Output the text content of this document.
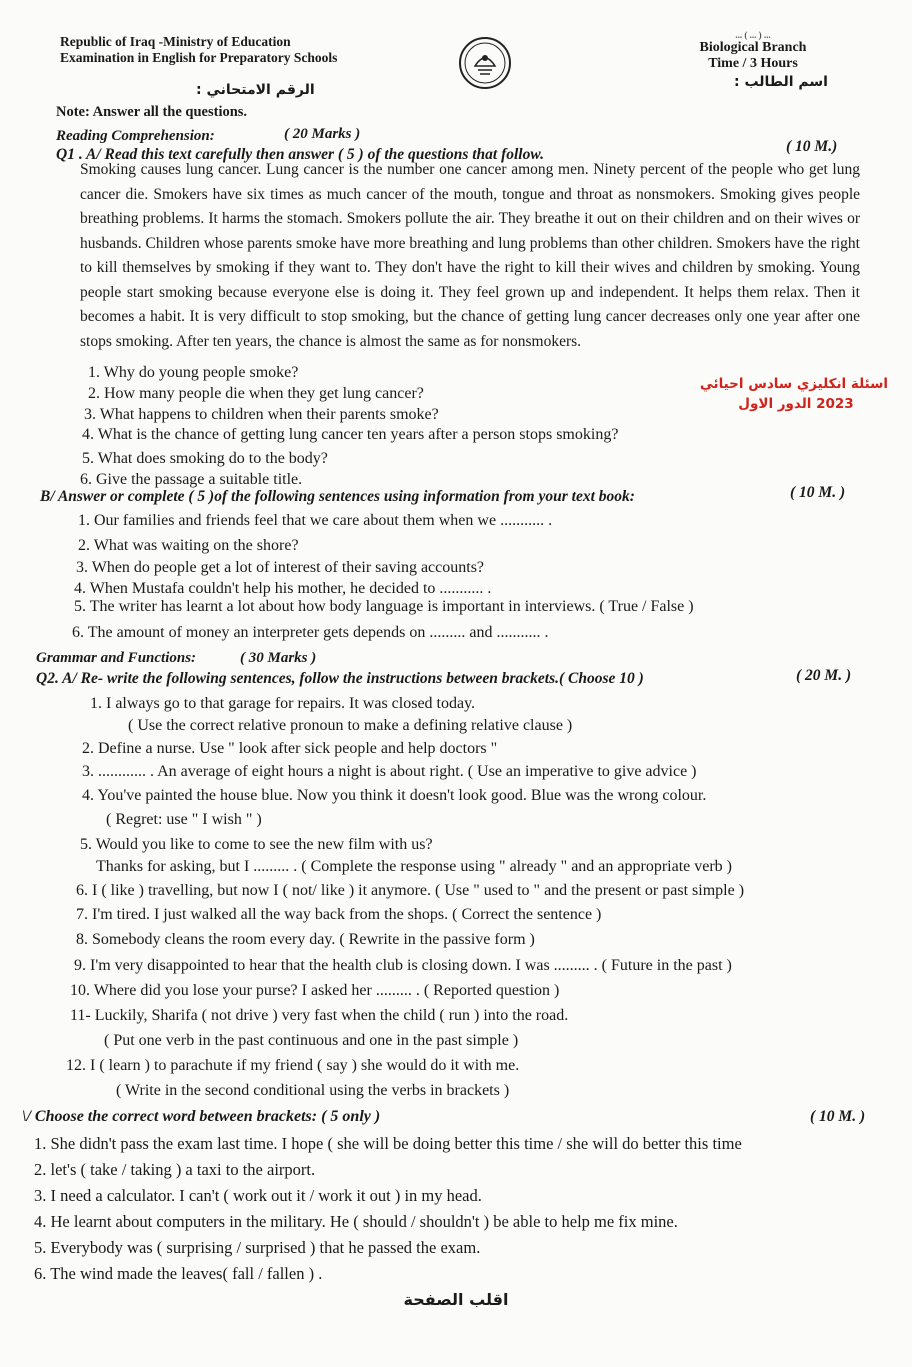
Republic of Iraq -Ministry of Education
Examination in English for Preparatory Schools
... ( ... ) ...
Biological Branch
Time / 3 Hours
اسم الطالب :
الرقم الامتحاني :
Note: Answer all the questions.
Reading Comprehension:	( 20 Marks )
Q1 . A/ Read this text carefully then answer ( 5 ) of the questions that follow.	( 10 M.)
Smoking causes lung cancer. Lung cancer is the number one cancer among men. Ninety percent of the people who get lung cancer die. Smokers have six times as much cancer of the mouth, tongue and throat as nonsmokers. Smoking gives people breathing problems. It harms the stomach. Smokers pollute the air. They breathe it out on their children and on their wives or husbands. Children whose parents smoke have more breathing and lung problems than other children. Smokers have the right to kill themselves by smoking if they want to. They don't have the right to kill their wives and children by smoking. Young people start smoking because everyone else is doing it. They feel grown up and independent. It helps them relax. Then it becomes a habit. It is very difficult to stop smoking, but the chance of getting lung cancer decreases only one year after one stops smoking. After ten years, the chance is almost the same as for nonsmokers.
1. Why do young people smoke?
2. How many people die when they get lung cancer?
3. What happens to children when their parents smoke?
4. What is the chance of getting lung cancer ten years after a person stops smoking?
5. What does smoking do to the body?
6. Give the passage a suitable title.
اسئلة انكليزي سادس احيائي
2023 الدور الاول
B/ Answer or complete ( 5 )of the following sentences using information from your text book:	( 10 M. )
1. Our families and friends feel that we care about them when we ........... .
2. What was waiting on the shore?
3. When do people get a lot of interest of their saving accounts?
4. When Mustafa couldn't help his mother, he decided to ........... .
5. The writer has learnt a lot about how body language is important in interviews. ( True / False )
6. The amount of money an interpreter gets depends on ......... and ........... .
Grammar and Functions:	( 30 Marks )
Q2. A/ Re- write the following sentences, follow the instructions between brackets.( Choose 10 )	( 20 M. )
1. I always go to that garage for repairs. It was closed today.
( Use the correct relative pronoun to make a defining relative clause )
2. Define a nurse. Use " look after sick people and help doctors "
3. ............ . An average of eight hours a night is about right. ( Use an imperative to give advice )
4. You've painted the house blue. Now you think it doesn't look good. Blue was the wrong colour.
( Regret: use " I wish " )
5. Would you like to come to see the new film with us?
Thanks for asking, but I ......... . ( Complete the response using " already " and an appropriate verb )
6. I ( like ) travelling, but now I ( not/ like ) it anymore. ( Use " used to " and the present or past simple )
7. I'm tired. I just walked all the way back from the shops. ( Correct the sentence )
8. Somebody cleans the room every day. ( Rewrite in the passive form )
9. I'm very disappointed to hear that the health club is closing down. I was ......... . ( Future in the past )
10. Where did you lose your purse? I asked her ......... . ( Reported question )
11- Luckily, Sharifa ( not drive ) very fast when the child ( run ) into the road.
( Put one verb in the past continuous and one in the past simple )
12. I ( learn ) to parachute if my friend ( say ) she would do it with me.
( Write in the second conditional using the verbs in brackets )
\/ Choose the correct word between brackets: ( 5 only )	( 10 M. )
1. She didn't pass the exam last time. I hope ( she will be doing better this time / she will do better this time
2. let's ( take / taking ) a taxi to the airport.
3. I need a calculator. I can't ( work out it / work it out ) in my head.
4. He learnt about computers in the military. He ( should / shouldn't ) be able to help me fix mine.
5. Everybody was ( surprising / surprised ) that he passed the exam.
6. The wind made the leaves( fall / fallen ) .
اقلب الصفحة
